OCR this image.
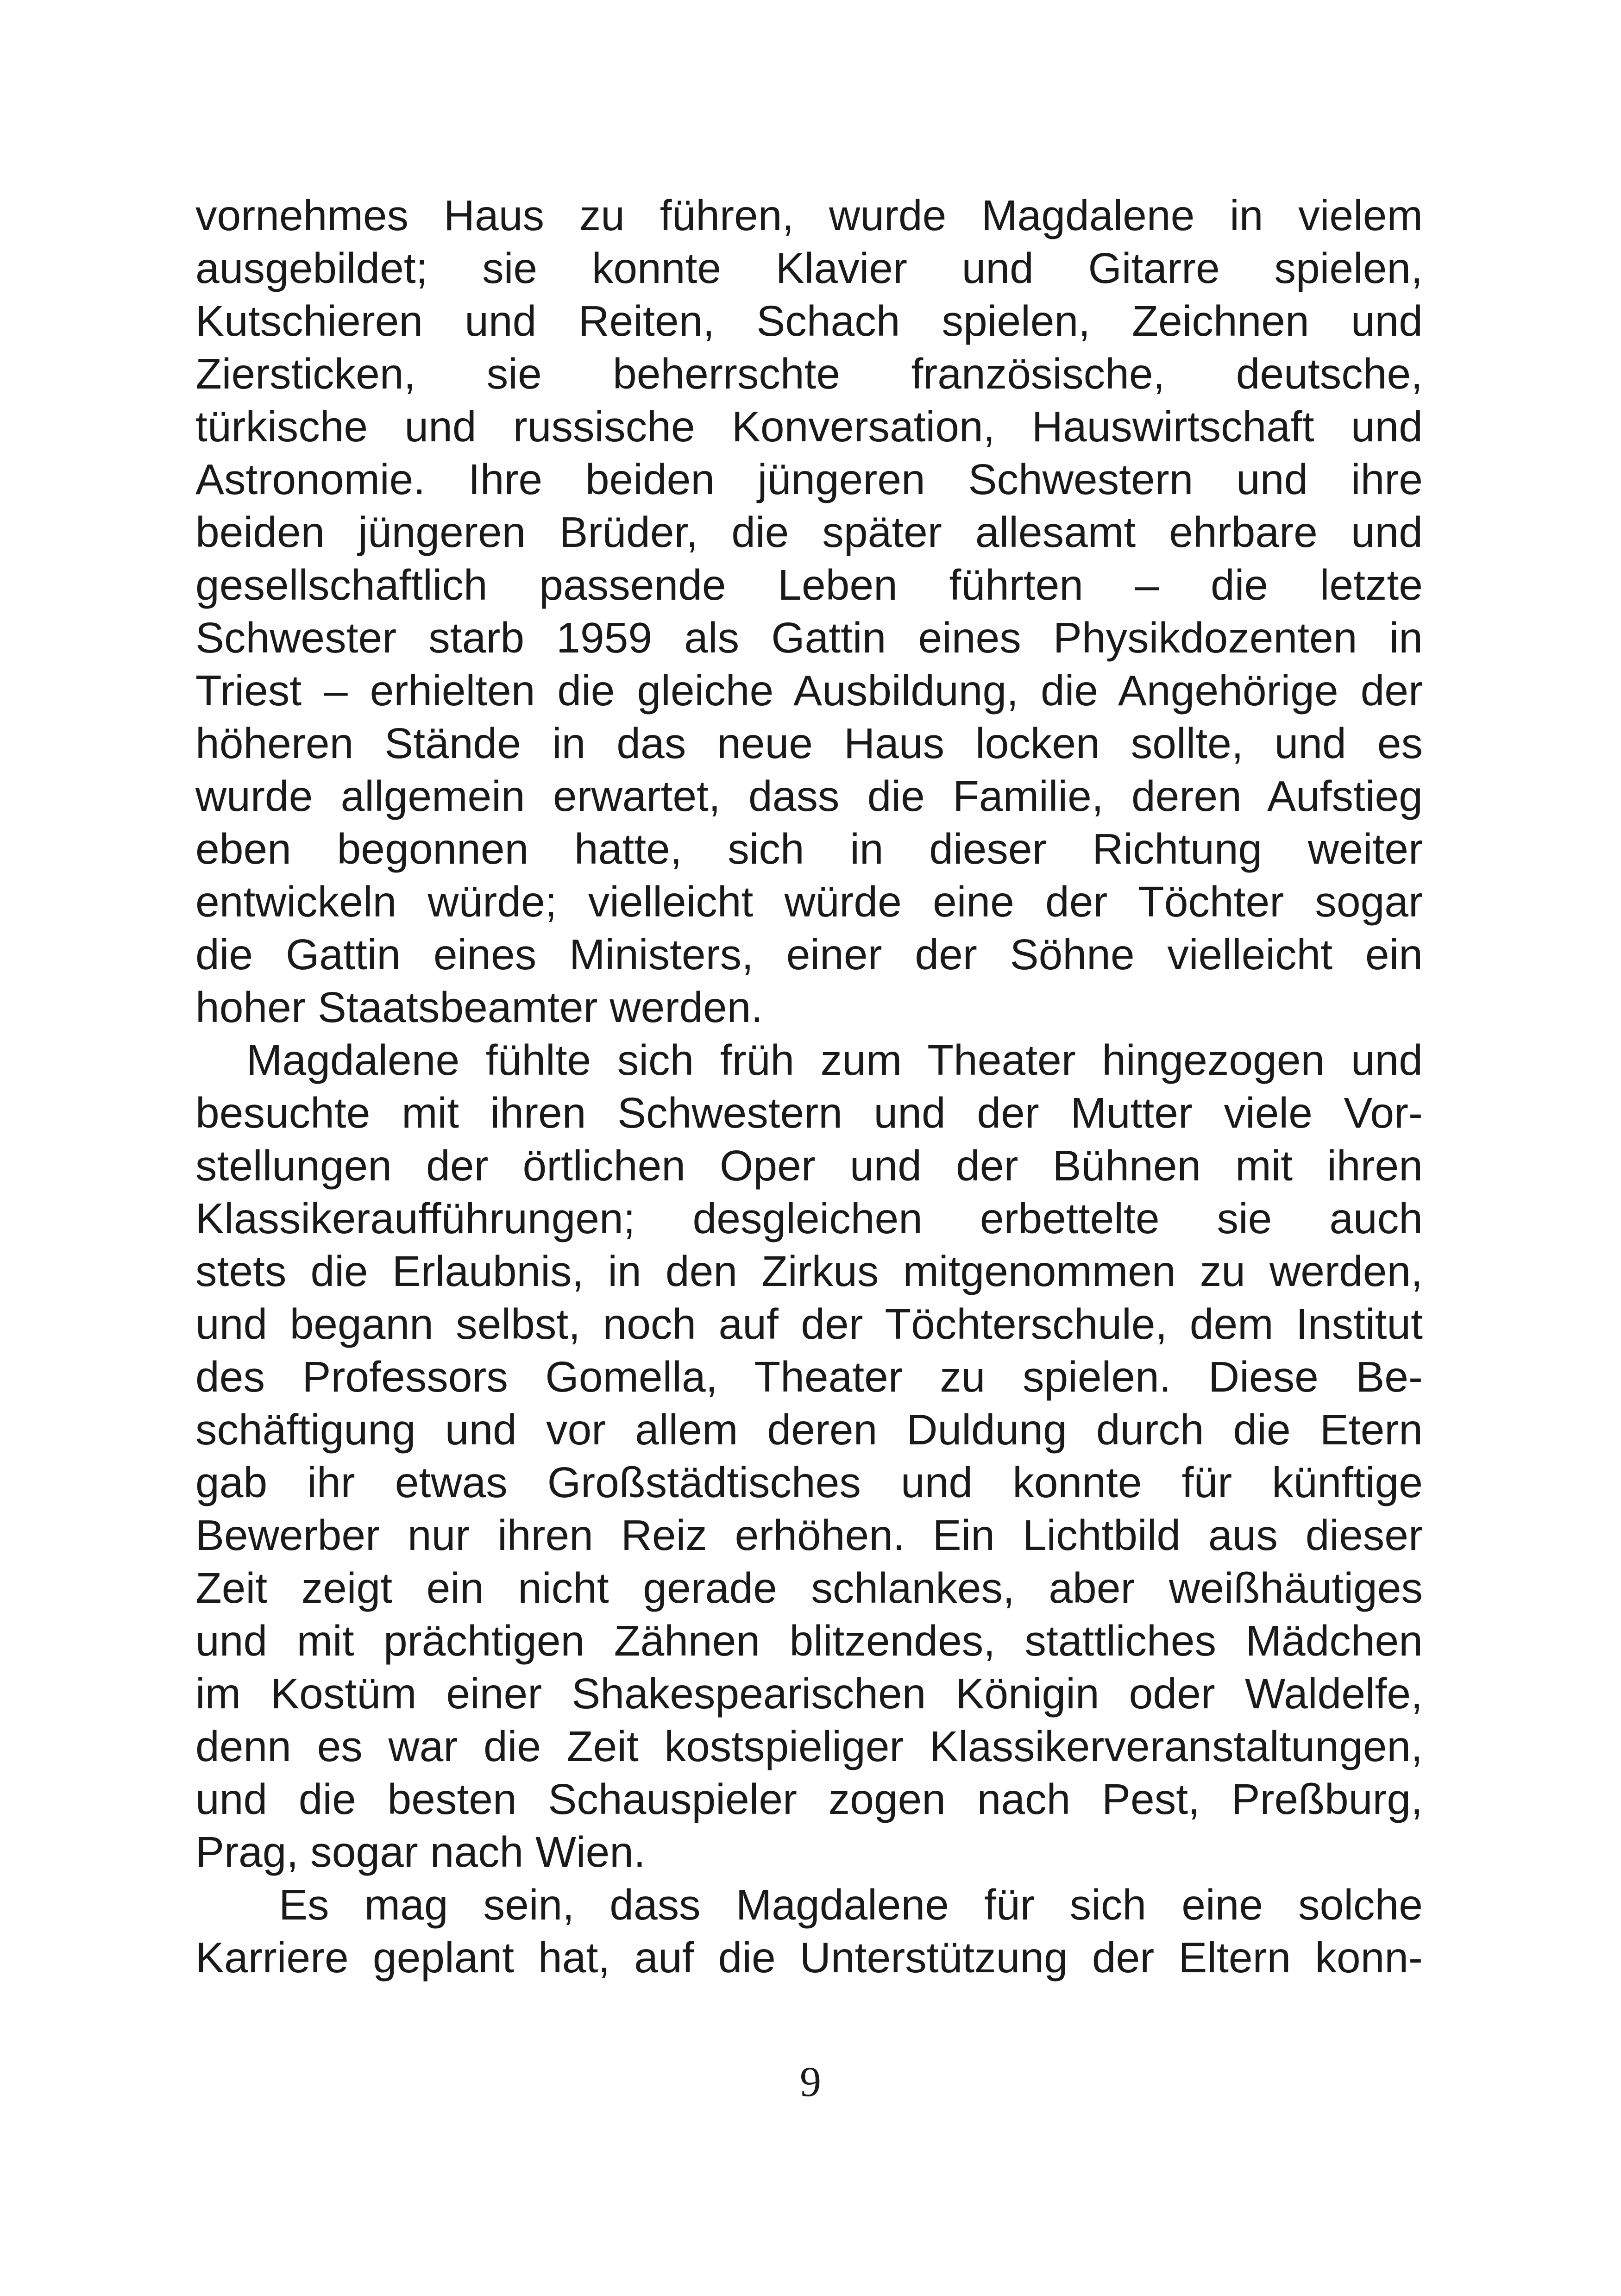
vornehmes Haus zu führen, wurde Magdalene in vielem
ausgebildet; sie konnte Klavier und Gitarre spielen,
Kutschieren und Reiten, Schach spielen, Zeichnen und
Ziersticken, sie beherrschte französische, deutsche,
türkische und russische Konversation, Hauswirtschaft und
Astronomie. Ihre beiden jüngeren Schwestern und ihre
beiden jüngeren Brüder, die später allesamt ehrbare und
gesellschaftlich passende Leben führten – die letzte
Schwester starb 1959 als Gattin eines Physikdozenten in
Triest – erhielten die gleiche Ausbildung, die Angehörige der
höheren Stände in das neue Haus locken sollte, und es
wurde allgemein erwartet, dass die Familie, deren Aufstieg
eben begonnen hatte, sich in dieser Richtung weiter
entwickeln würde; vielleicht würde eine der Töchter sogar
die Gattin eines Ministers, einer der Söhne vielleicht ein
hoher Staatsbeamter werden.
Magdalene fühlte sich früh zum Theater hingezogen und
besuchte mit ihren Schwestern und der Mutter viele Vor-
stellungen der örtlichen Oper und der Bühnen mit ihren
Klassikeraufführungen; desgleichen erbettelte sie auch
stets die Erlaubnis, in den Zirkus mitgenommen zu werden,
und begann selbst, noch auf der Töchterschule, dem Institut
des Professors Gomella, Theater zu spielen. Diese Be-
schäftigung und vor allem deren Duldung durch die Etern
gab ihr etwas Großstädtisches und konnte für künftige
Bewerber nur ihren Reiz erhöhen. Ein Lichtbild aus dieser
Zeit zeigt ein nicht gerade schlankes, aber weißhäutiges
und mit prächtigen Zähnen blitzendes, stattliches Mädchen
im Kostüm einer Shakespearischen Königin oder Waldelfe,
denn es war die Zeit kostspieliger Klassikerveranstaltungen,
und die besten Schauspieler zogen nach Pest, Preßburg,
Prag, sogar nach Wien.
Es mag sein, dass Magdalene für sich eine solche
Karriere geplant hat, auf die Unterstützung der Eltern konn-
9
